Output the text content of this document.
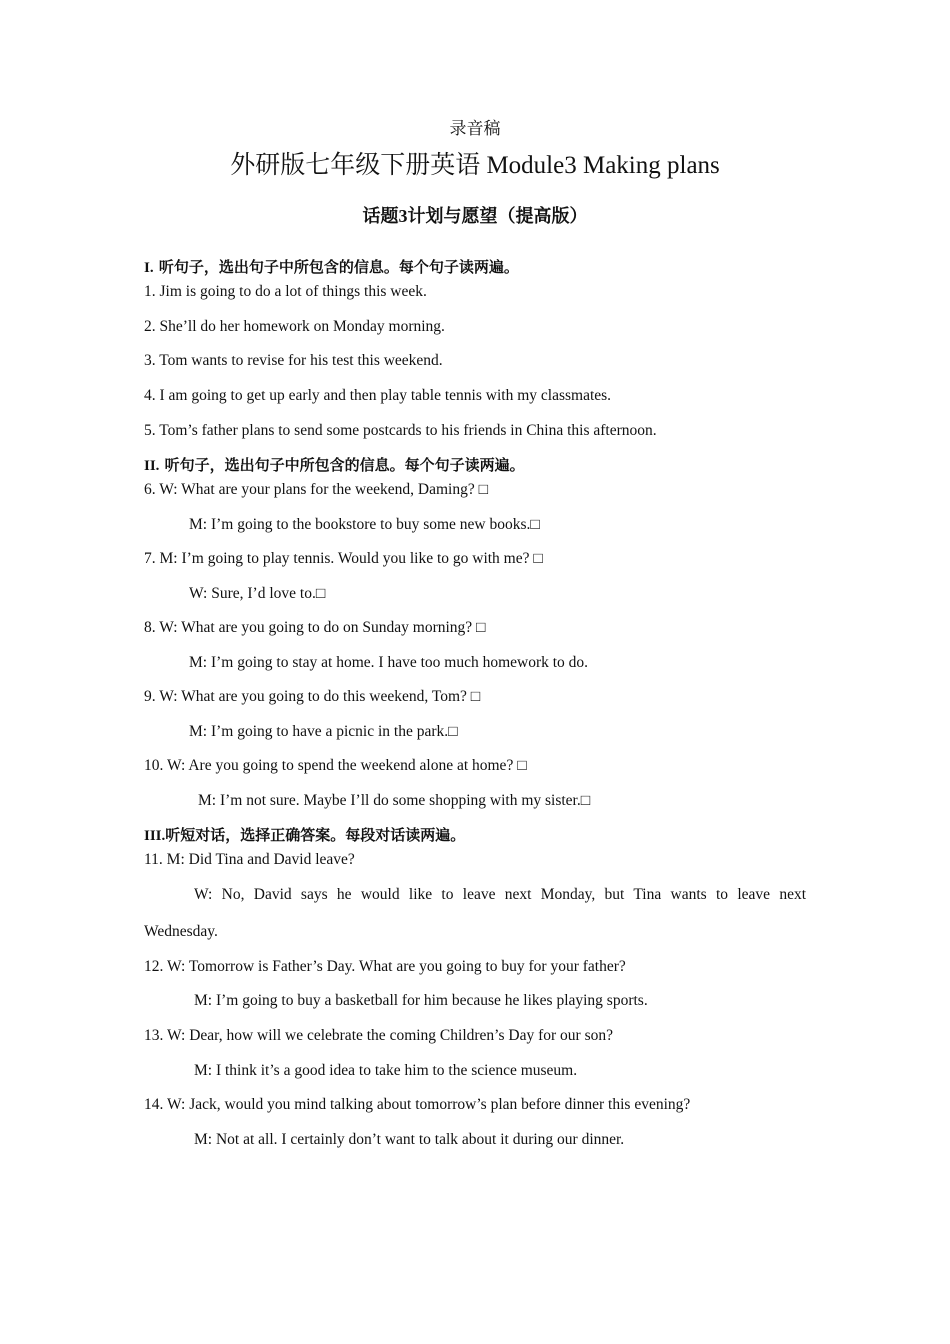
录音稿
外研版七年级下册英语 Module3 Making plans
话题3计划与愿望（提高版）
I. 听句子，选出句子中所包含的信息。每个句子读两遍。
1. Jim is going to do a lot of things this week.
2. She’ll do her homework on Monday morning.
3. Tom wants to revise for his test this weekend.
4. I am going to get up early and then play table tennis with my classmates.
5. Tom’s father plans to send some postcards to his friends in China this afternoon.
II. 听句子，选出句子中所包含的信息。每个句子读两遍。
6. W: What are your plans for the weekend, Daming? □
M: I’m going to the bookstore to buy some new books.□
7. M: I’m going to play tennis. Would you like to go with me? □
W: Sure, I’d love to.□
8. W: What are you going to do on Sunday morning? □
M: I’m going to stay at home. I have too much homework to do.
9. W: What are you going to do this weekend, Tom? □
M: I’m going to have a picnic in the park.□
10. W: Are you going to spend the weekend alone at home? □
M: I’m not sure. Maybe I’ll do some shopping with my sister.□
III.听短对话，选择正确答案。每段对话读两遍。
11. M: Did Tina and David leave?
W: No, David says he would like to leave next Monday, but Tina wants to leave next
Wednesday.
12. W: Tomorrow is Father’s Day. What are you going to buy for your father?
M: I’m going to buy a basketball for him because he likes playing sports.
13. W: Dear, how will we celebrate the coming Children’s Day for our son?
M: I think it’s a good idea to take him to the science museum.
14. W: Jack, would you mind talking about tomorrow’s plan before dinner this evening?
M: Not at all. I certainly don’t want to talk about it during our dinner.
